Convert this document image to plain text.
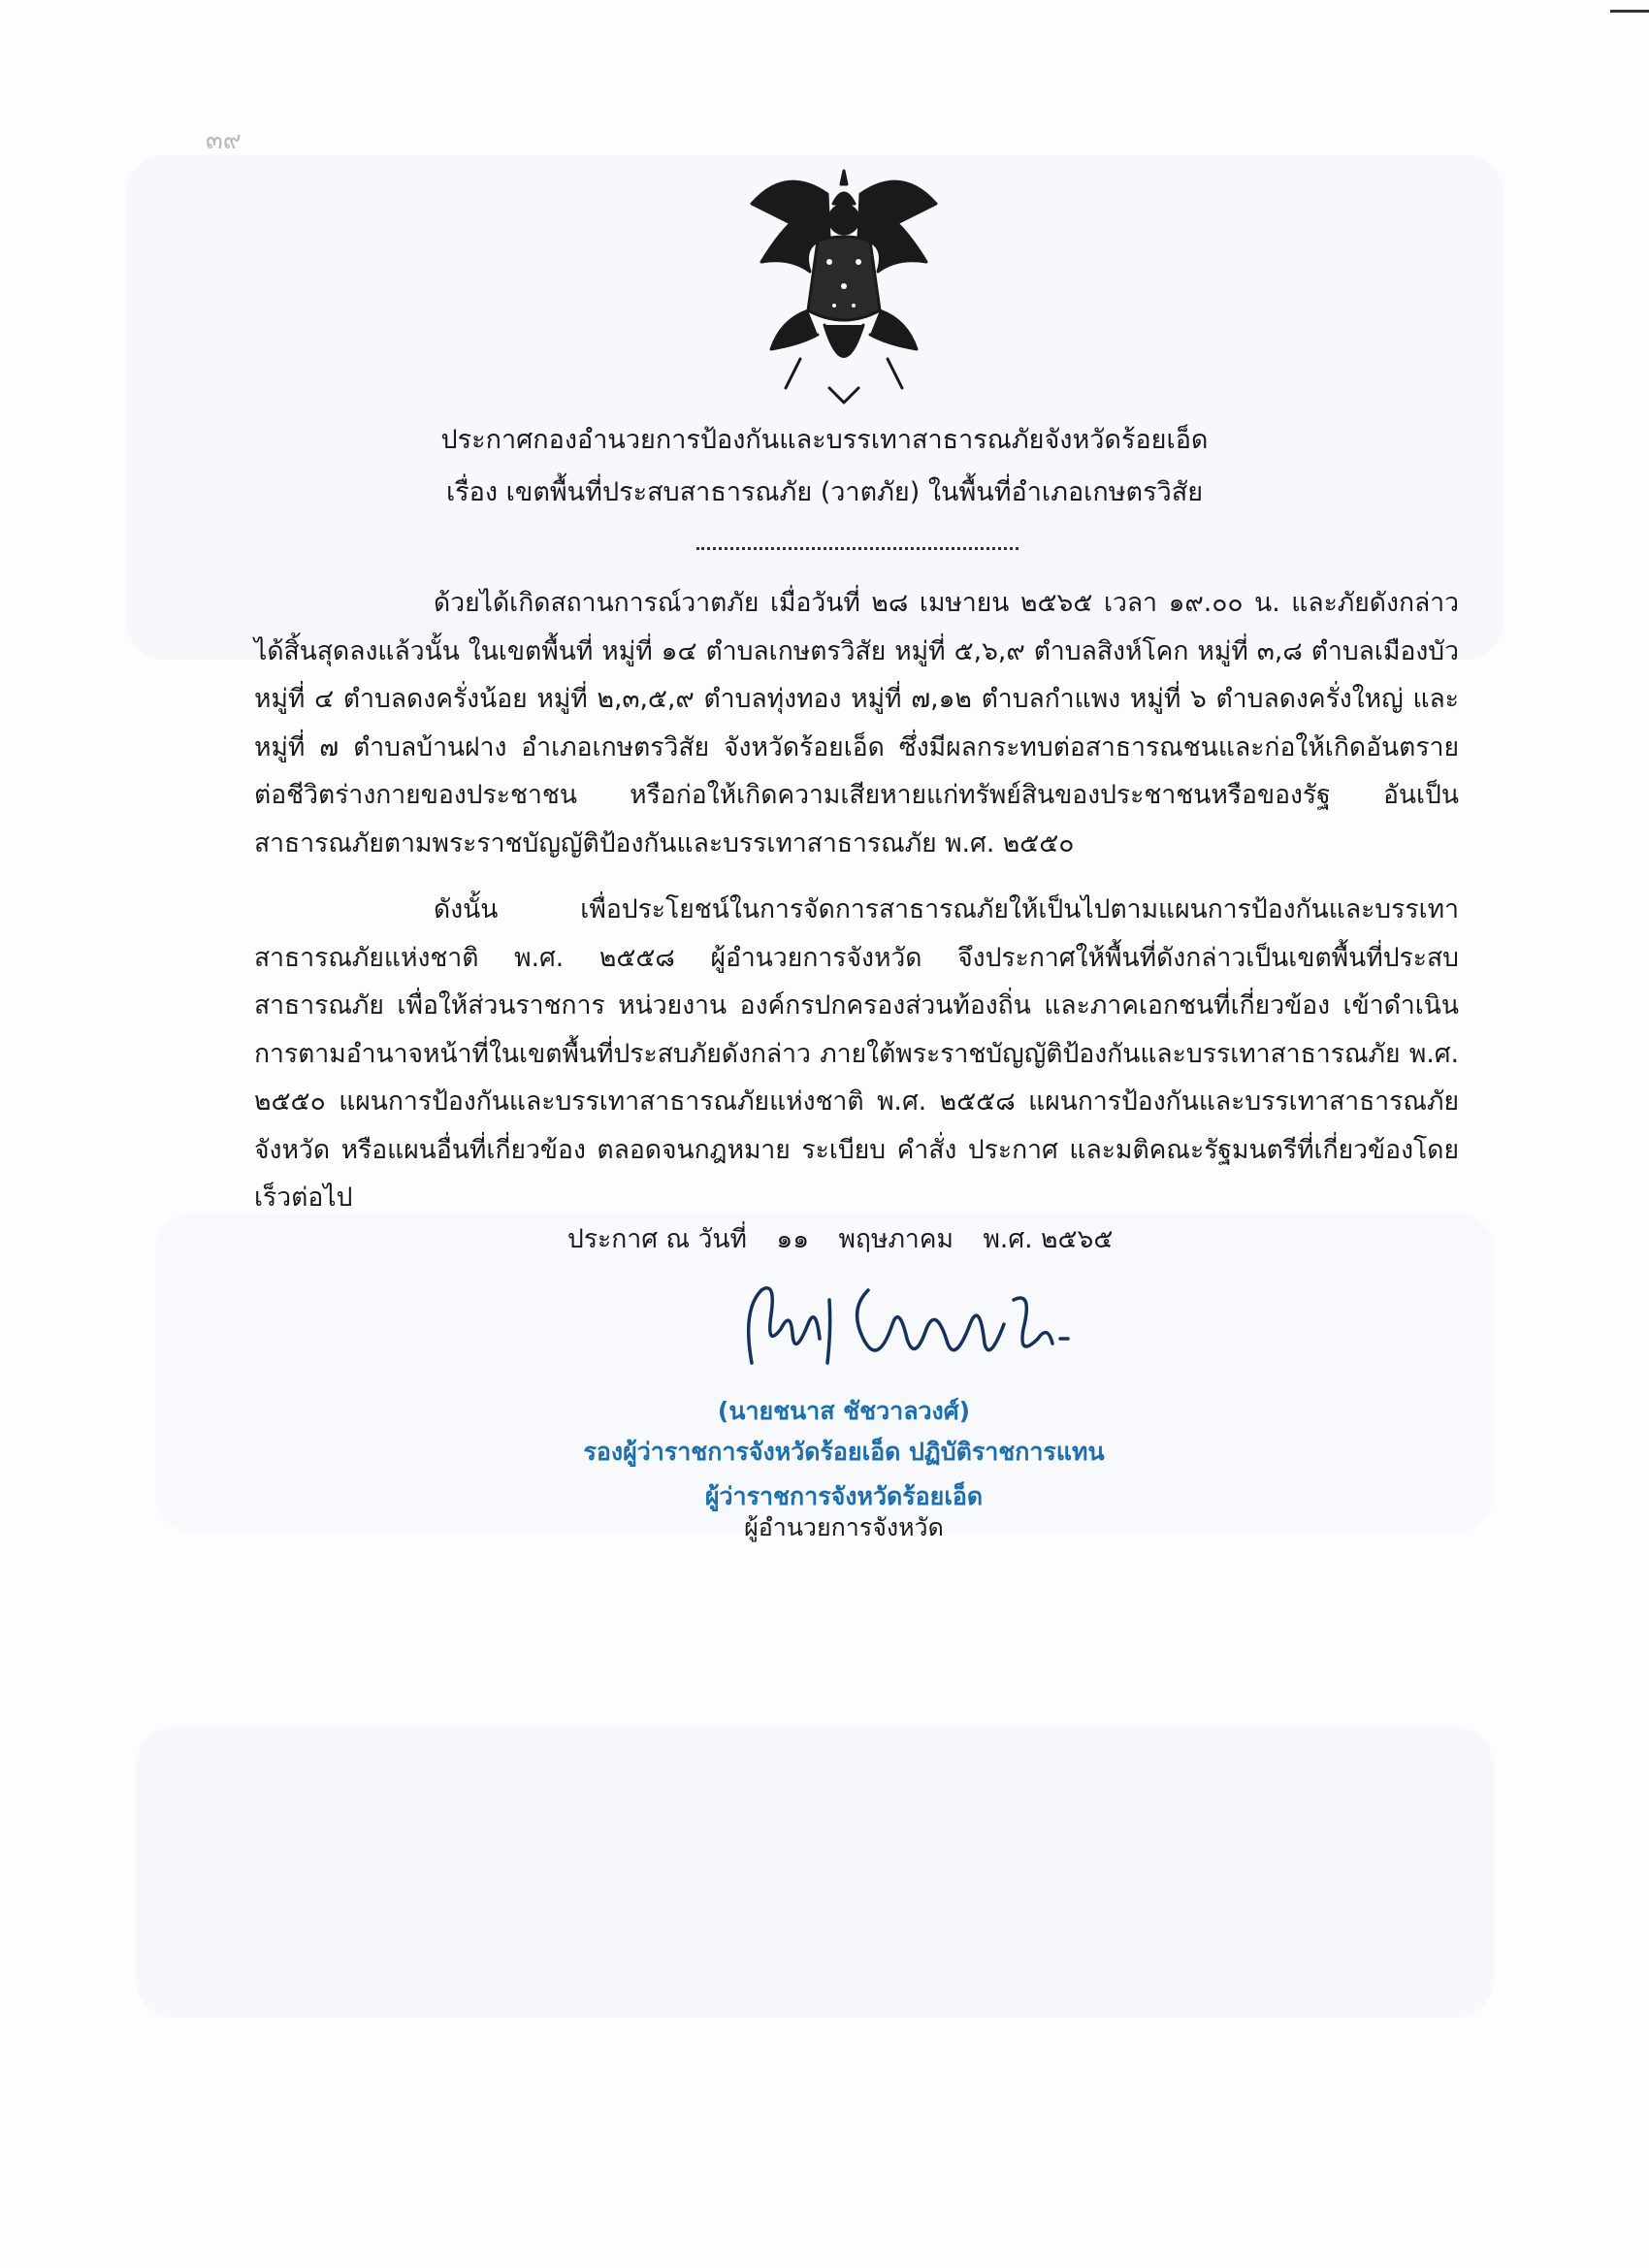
๓๙
ประกาศกองอำนวยการป้องกันและบรรเทาสาธารณภัยจังหวัดร้อยเอ็ด
เรื่อง เขตพื้นที่ประสบสาธารณภัย (วาตภัย) ในพื้นที่อำเภอเกษตรวิสัย
ด้วยได้เกิดสถานการณ์วาตภัย เมื่อวันที่ ๒๘ เมษายน ๒๕๖๕ เวลา ๑๙.๐๐ น. และภัยดังกล่าวได้สิ้นสุดลงแล้วนั้น ในเขตพื้นที่ หมู่ที่ ๑๔ ตำบลเกษตรวิสัย หมู่ที่ ๕,๖,๙ ตำบลสิงห์โคก หมู่ที่ ๓,๘ ตำบลเมืองบัว หมู่ที่ ๔ ตำบลดงครั่งน้อย หมู่ที่ ๒,๓,๕,๙ ตำบลทุ่งทอง หมู่ที่ ๗,๑๒ ตำบลกำแพง หมู่ที่ ๖ ตำบลดงครั่งใหญ่ และ หมู่ที่ ๗ ตำบลบ้านฝาง อำเภอเกษตรวิสัย จังหวัดร้อยเอ็ด ซึ่งมีผลกระทบต่อสาธารณชนและก่อให้เกิดอันตรายต่อชีวิตร่างกายของประชาชน หรือก่อให้เกิดความเสียหายแก่ทรัพย์สินของประชาชนหรือของรัฐ อันเป็นสาธารณภัยตามพระราชบัญญัติป้องกันและบรรเทาสาธารณภัย พ.ศ. ๒๕๕๐
ดังนั้น เพื่อประโยชน์ในการจัดการสาธารณภัยให้เป็นไปตามแผนการป้องกันและบรรเทาสาธารณภัยแห่งชาติ พ.ศ. ๒๕๕๘ ผู้อำนวยการจังหวัด จึงประกาศให้พื้นที่ดังกล่าวเป็นเขตพื้นที่ประสบสาธารณภัย เพื่อให้ส่วนราชการ หน่วยงาน องค์กรปกครองส่วนท้องถิ่น และภาคเอกชนที่เกี่ยวข้อง เข้าดำเนินการตามอำนาจหน้าที่ในเขตพื้นที่ประสบภัยดังกล่าว ภายใต้พระราชบัญญัติป้องกันและบรรเทาสาธารณภัย พ.ศ. ๒๕๕๐ แผนการป้องกันและบรรเทาสาธารณภัยแห่งชาติ พ.ศ. ๒๕๕๘ แผนการป้องกันและบรรเทาสาธารณภัยจังหวัด หรือแผนอื่นที่เกี่ยวข้อง ตลอดจนกฎหมาย ระเบียบ คำสั่ง ประกาศ และมติคณะรัฐมนตรีที่เกี่ยวข้องโดยเร็วต่อไป
ประกาศ ณ วันที่ ๑๑ พฤษภาคม พ.ศ. ๒๕๖๕
(นายชนาส ชัชวาลวงศ์)
รองผู้ว่าราชการจังหวัดร้อยเอ็ด ปฏิบัติราชการแทน
ผู้ว่าราชการจังหวัดร้อยเอ็ด
ผู้อำนวยการจังหวัด
